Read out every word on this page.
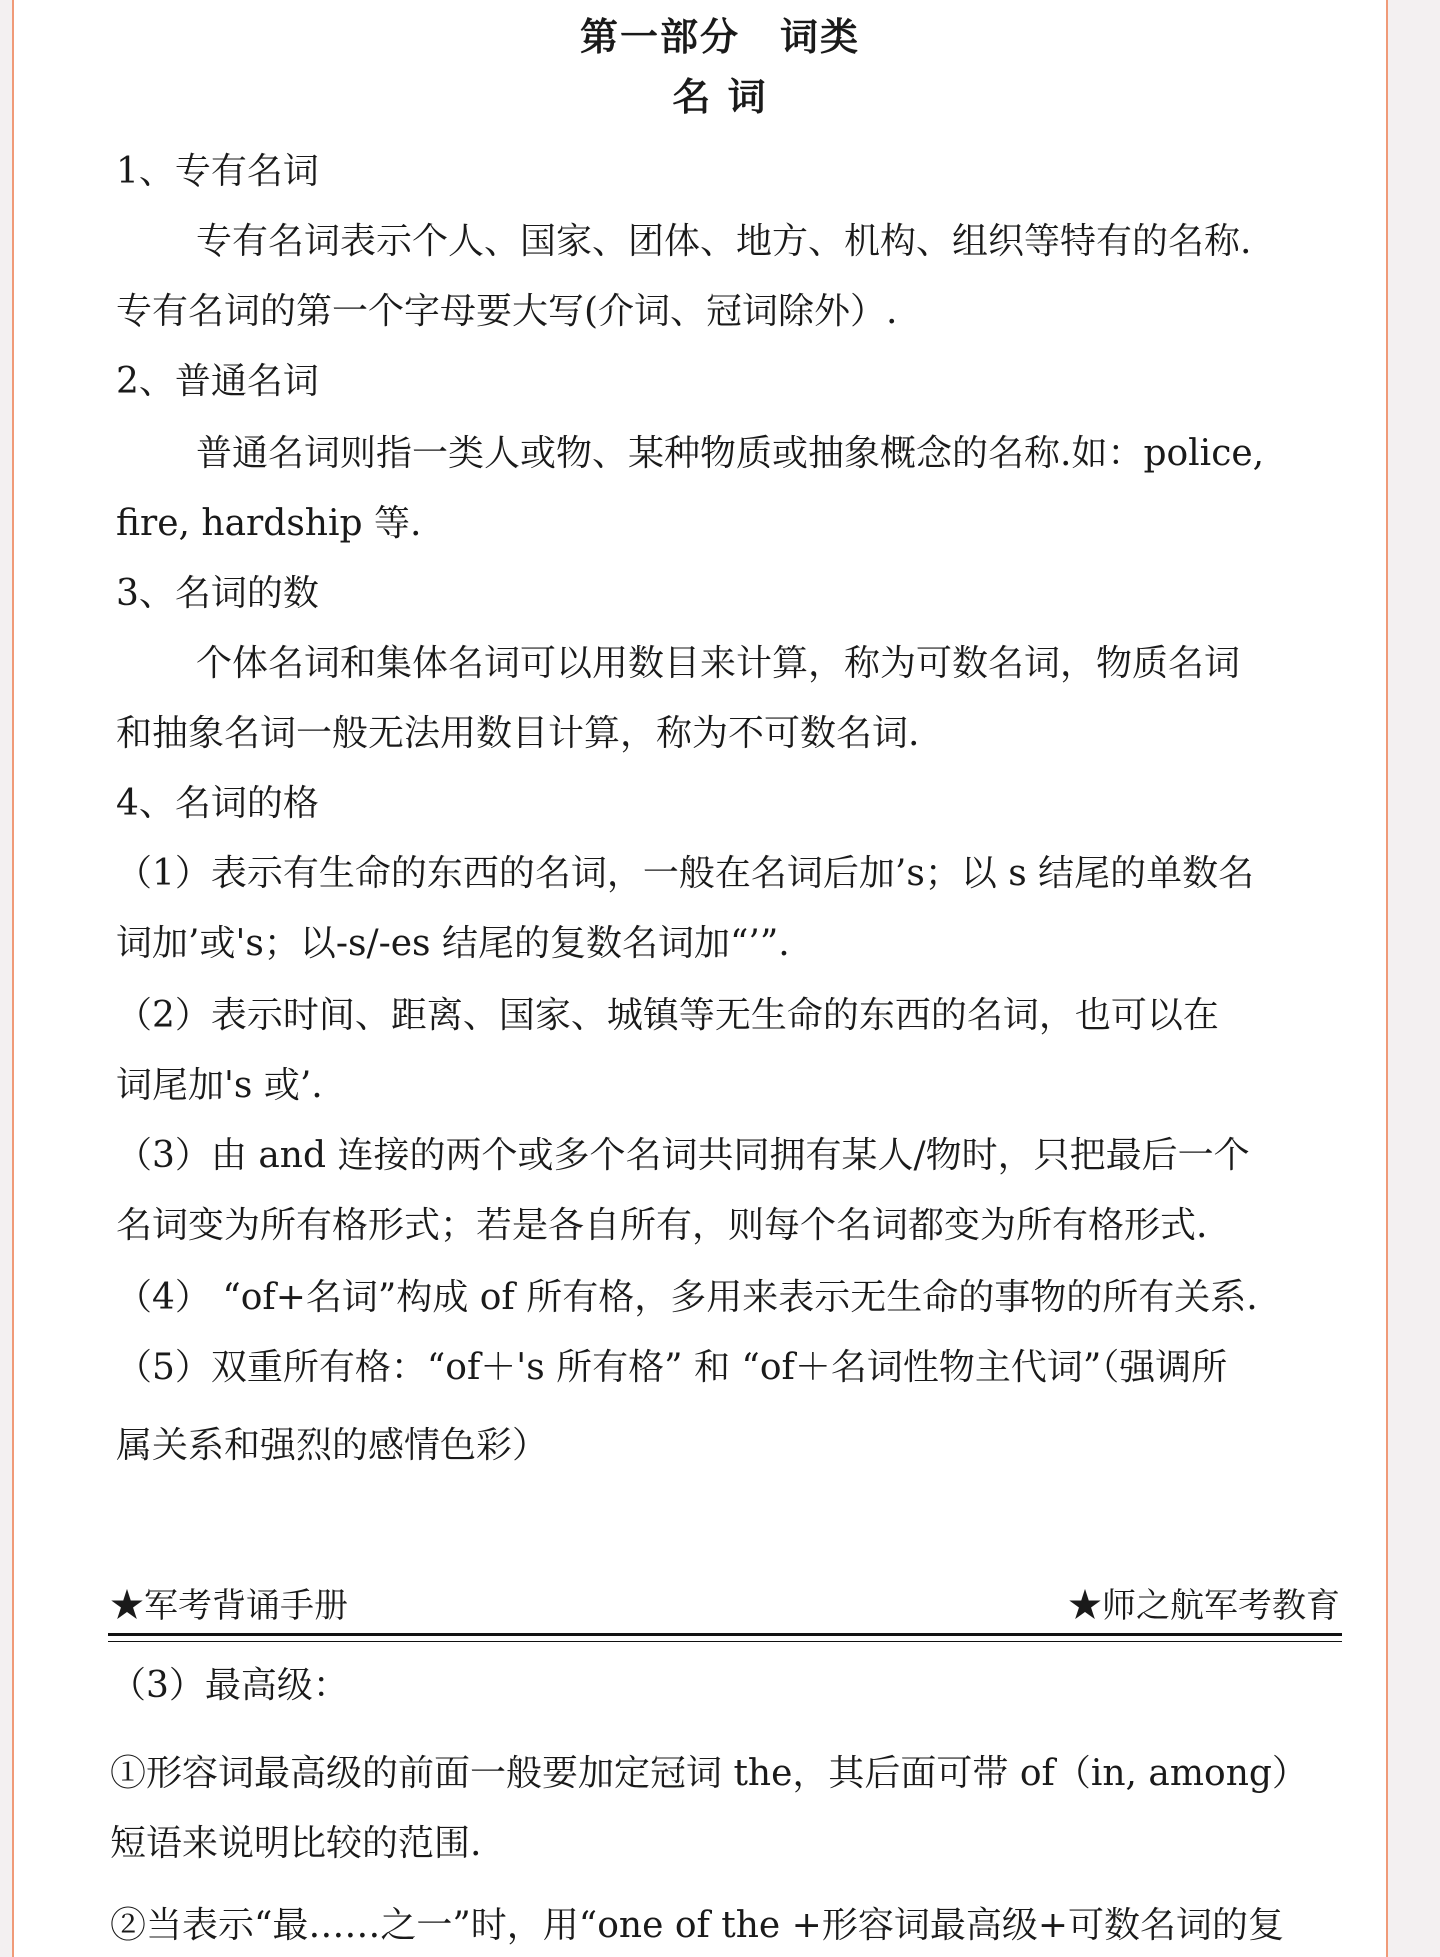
第一部分　词类
名 词
1、专有名词
专有名词表示个人、国家、团体、地方、机构、组织等特有的名称.
专有名词的第一个字母要大写(介词、冠词除外）.
2、普通名词
普通名词则指一类人或物、某种物质或抽象概念的名称.如：police,
fire, hardship 等.
3、名词的数
个体名词和集体名词可以用数目来计算，称为可数名词，物质名词
和抽象名词一般无法用数目计算，称为不可数名词.
4、名词的格
（1）表示有生命的东西的名词，一般在名词后加’s；以 s 结尾的单数名
词加’或's；以-s/-es 结尾的复数名词加“’”.
（2）表示时间、距离、国家、城镇等无生命的东西的名词，也可以在
词尾加's 或’.
（3）由 and 连接的两个或多个名词共同拥有某人/物时，只把最后一个
名词变为所有格形式；若是各自所有，则每个名词都变为所有格形式.
（4） “of+名词”构成 of 所有格，多用来表示无生命的事物的所有关系.
（5）双重所有格：“of＋'s 所有格” 和 “of＋名词性物主代词”（强调所
属关系和强烈的感情色彩）
★军考背诵手册	★师之航军考教育
（3）最高级：
①形容词最高级的前面一般要加定冠词 the，其后面可带 of（in, among）
短语来说明比较的范围.
②当表示“最……之一”时，用“one of the +形容词最高级+可数名词的复
